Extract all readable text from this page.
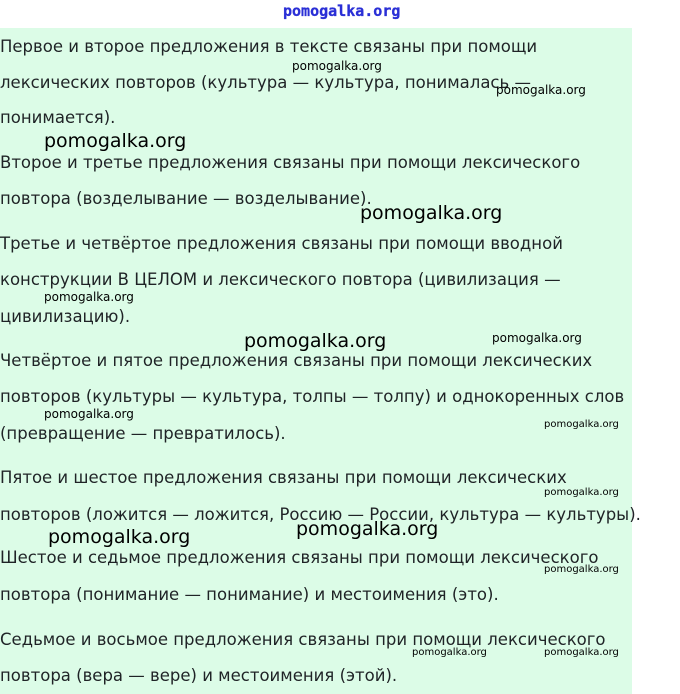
pomogalka.org
Первое и второе предложения в тексте связаны при помощи
лексических повторов (культура — культура, понималась —
понимается).
Второе и третье предложения связаны при помощи лексического
повтора (возделывание — возделывание).
Третье и четвёртое предложения связаны при помощи вводной
конструкции В ЦЕЛОМ и лексического повтора (цивилизация —
цивилизацию).
Четвёртое и пятое предложения связаны при помощи лексических
повторов (культуры — культура, толпы — толпу) и однокоренных слов
(превращение — превратилось).
Пятое и шестое предложения связаны при помощи лексических
повторов (ложится — ложится, Россию — России, культура — культуры).
Шестое и седьмое предложения связаны при помощи лексического
повтора (понимание — понимание) и местоимения (это).
Седьмое и восьмое предложения связаны при помощи лексического
повтора (вера — вере) и местоимения (этой).
pomogalka.org
pomogalka.org
pomogalka.org
pomogalka.org
pomogalka.org
pomogalka.org	pomogalka.org
pomogalka.org
pomogalka.org
pomogalka.org
pomogalka.org
pomogalka.org
pomogalka.org
pomogalka.org	pomogalka.org
